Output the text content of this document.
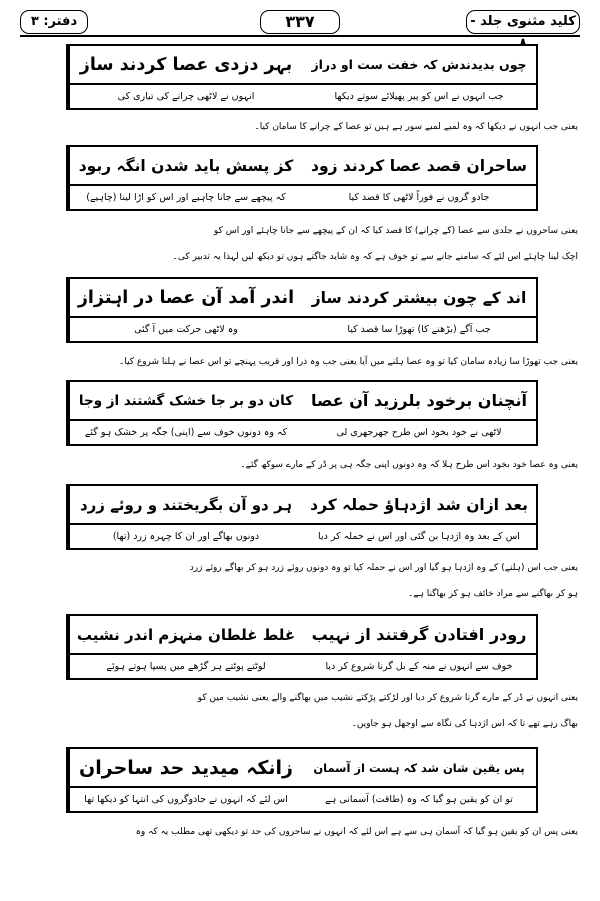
کلید مثنوی جلد -
۳۳۷
دفتر: ۳
چوں بدیدندش کہ خفت ست او دراز
بہر دزدی عصا کردند ساز
جب انہوں نے اس کو پیر پھیلائے سوتے دیکھا
انہوں نے لاٹھی چرانے کی تیاری کی
یعنی جب انہوں نے دیکھا کہ وہ لمبے لمبے سور ہے ہیں تو عصا کے چرانے کا سامان کیا۔
ساحران قصد عصا کردند زود
کز پسش باید شدن انگہ ربود
جادو گروں نے فوراً لاٹھی کا قصد کیا
کہ پیچھے سے جانا چاہیے اور اس کو اڑا لینا (چاہیے)
یعنی ساحروں نے جلدی سے عصا (کے چرانے) کا قصد کیا کہ ان کے پیچھے سے جانا چاہئے اور اس کو
اچک لینا چاہئے اس لئے کہ سامنے جانے سے تو خوف ہے کہ وہ شاید جاگتے ہوں تو دیکھ لیں لہذا یہ تدبیر کی۔
اند کے چون بیشتر کردند ساز
اندر آمد آن عصا در اہتزاز
جب آگے (بڑھنے کا) تھوڑا سا قصد کیا
وہ لاٹھی حرکت میں آ گئی
یعنی جب تھوڑا سا زیادہ سامان کیا تو وہ عصا ہلنے میں آیا یعنی جب وہ ذرا اور قریب پہنچے تو اس عصا نے ہلنا شروع کیا۔
آنچنان برخود بلرزید آن عصا
کان دو بر جا خشک گشتند از وجا
لاٹھی نے خود بخود اس طرح جھرجھری لی
کہ وہ دونوں خوف سے (اپنی) جگہ پر خشک ہو گئے
یعنی وہ عصا خود بخود اس طرح ہلا کہ وہ دونوں اپنی جگہ ہی پر ڈر کے مارے سوکھ گئے۔
بعد ازان شد اژدہاؤ حملہ کرد
ہر دو آن بگریختند و روئے زرد
اس کے بعد وہ اژدہا بن گئی اور اس نے حملہ کر دیا
دونوں بھاگے اور ان کا چہرہ زرد (تھا)
یعنی جب اس (ہلنے) کے وہ اژدہا ہو گیا اور اس نے حملہ کیا تو وہ دونوں روئے زرد ہو کر بھاگے روئے زرد
ہو کر بھاگنے سے مراد خائف ہو کر بھاگنا ہے۔
رودر افتادن گرفتند از نہیب
غلط غلطان منہزم اندر نشیب
خوف سے انہوں نے منہ کے بل گرنا شروع کر دیا
لوٹتے پوٹتے ہر گڑھے میں پسپا ہوتے ہوئے
یعنی انہوں نے ڈر کے مارے گرنا شروع کر دیا اور لڑکتے پڑکتے نشیب میں بھاگنے والے یعنی نشیب میں کو
بھاگ رہے تھے تا کہ اس اژدہا کی نگاہ سے اوجھل ہو جاویں۔
پس یقین شان شد کہ ہست از آسمان
زانکہ میدید حد ساحران
تو ان کو یقین ہو گیا کہ وہ (طاقت) آسمانی ہے
اس لئے کہ انہوں نے جادوگروں کی انتہا کو دیکھا تھا
یعنی پس ان کو یقین ہو گیا کہ آسمان ہی سے ہے اس لئے کہ انہوں نے ساحروں کی حد تو دیکھی تھی مطلب یہ کہ وہ
